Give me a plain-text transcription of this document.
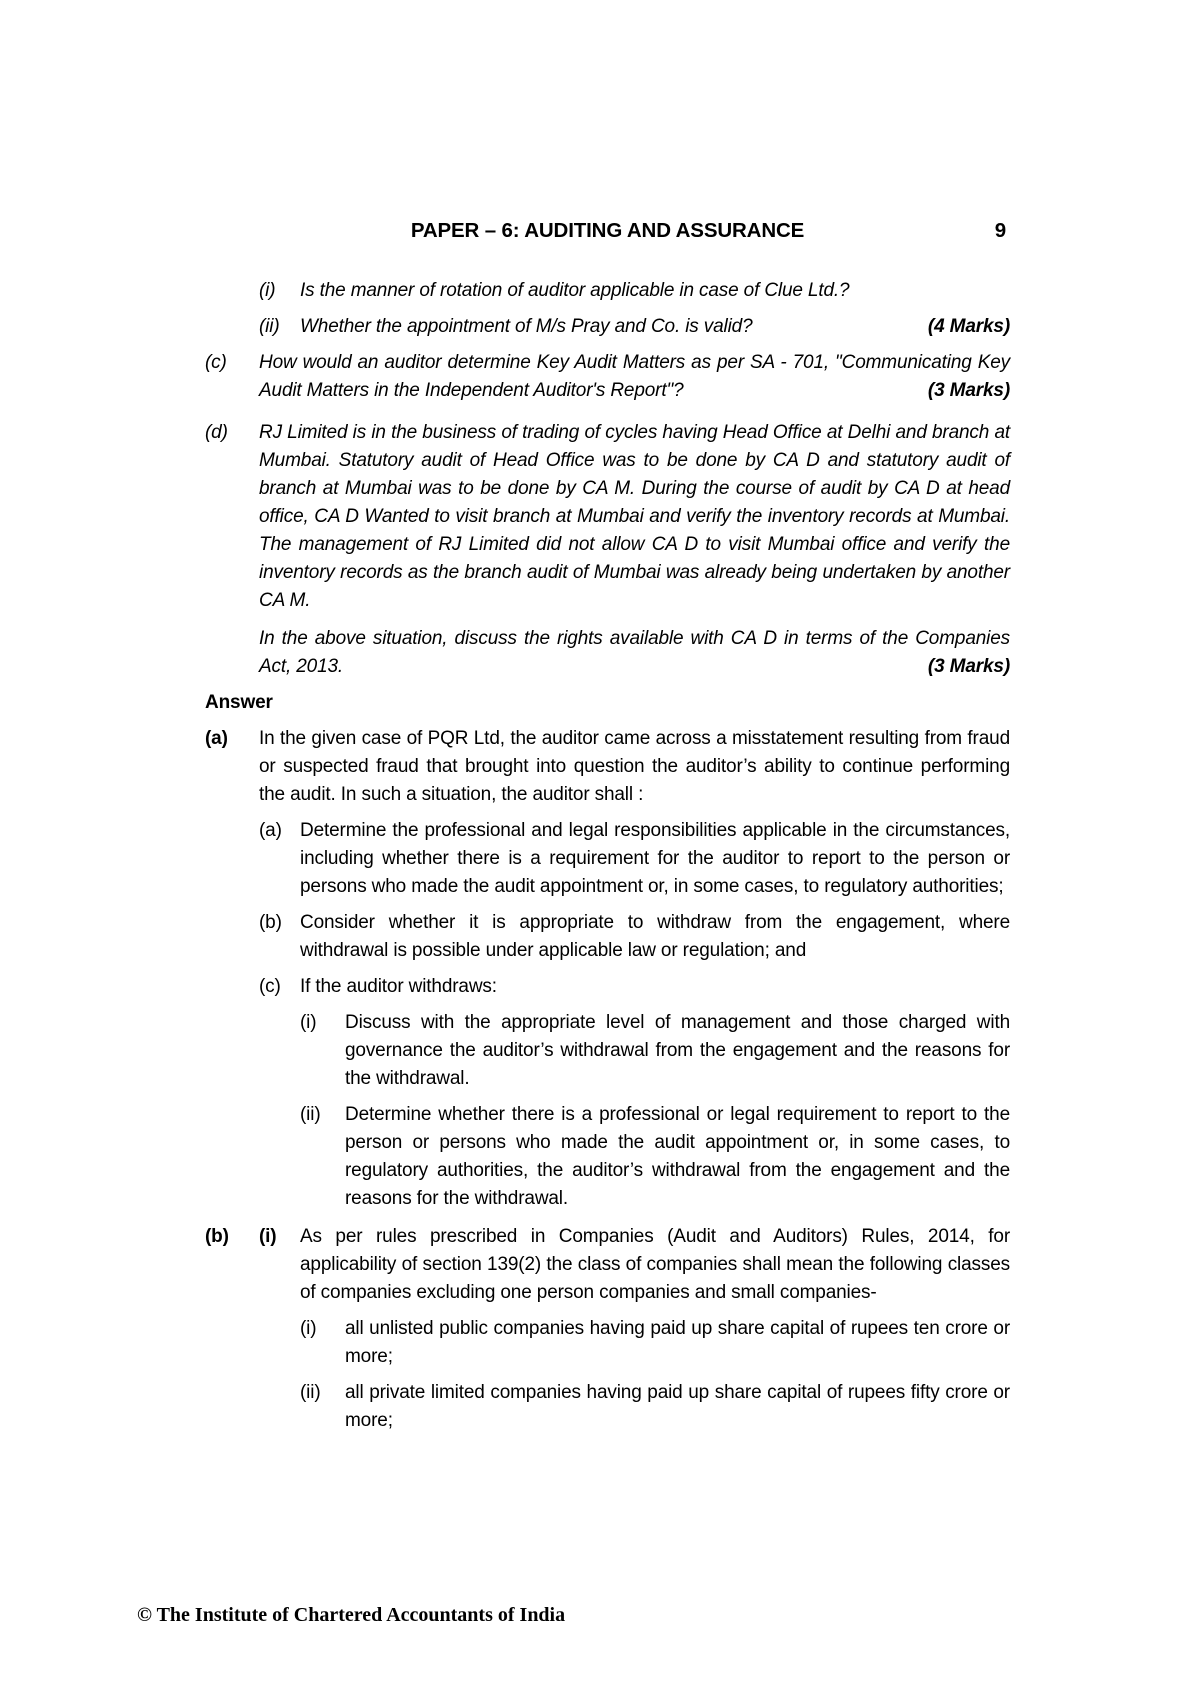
PAPER – 6: AUDITING AND ASSURANCE	9
(i)	Is the manner of rotation of auditor applicable in case of Clue Ltd.?
(ii)	Whether the appointment of M/s Pray and Co. is valid?	(4 Marks)
(c)	How would an auditor determine Key Audit Matters as per SA - 701, "Communicating Key Audit Matters in the Independent Auditor's Report"?	(3 Marks)
(d)	RJ Limited is in the business of trading of cycles having Head Office at Delhi and branch at Mumbai. Statutory audit of Head Office was to be done by CA D and statutory audit of branch at Mumbai was to be done by CA M. During the course of audit by CA D at head office, CA D Wanted to visit branch at Mumbai and verify the inventory records at Mumbai. The management of RJ Limited did not allow CA D to visit Mumbai office and verify the inventory records as the branch audit of Mumbai was already being undertaken by another CA M.
In the above situation, discuss the rights available with CA D in terms of the Companies Act, 2013.	(3 Marks)
Answer
(a)	In the given case of PQR Ltd, the auditor came across a misstatement resulting from fraud or suspected fraud that brought into question the auditor’s ability to continue performing the audit. In such a situation, the auditor shall :
(a) Determine the professional and legal responsibilities applicable in the circumstances, including whether there is a requirement for the auditor to report to the person or persons who made the audit appointment or, in some cases, to regulatory authorities;
(b) Consider whether it is appropriate to withdraw from the engagement, where withdrawal is possible under applicable law or regulation; and
(c)	If the auditor withdraws:
(i)	Discuss with the appropriate level of management and those charged with governance the auditor’s withdrawal from the engagement and the reasons for the withdrawal.
(ii)	Determine whether there is a professional or legal requirement to report to the person or persons who made the audit appointment or, in some cases, to regulatory authorities, the auditor’s withdrawal from the engagement and the reasons for the withdrawal.
(b)	(i)	As per rules prescribed in Companies (Audit and Auditors) Rules, 2014, for applicability of section 139(2) the class of companies shall mean the following classes of companies excluding one person companies and small companies-
(i)	all unlisted public companies having paid up share capital of rupees ten crore or more;
(ii)	all private limited companies having paid up share capital of rupees fifty crore or more;
© The Institute of Chartered Accountants of India
